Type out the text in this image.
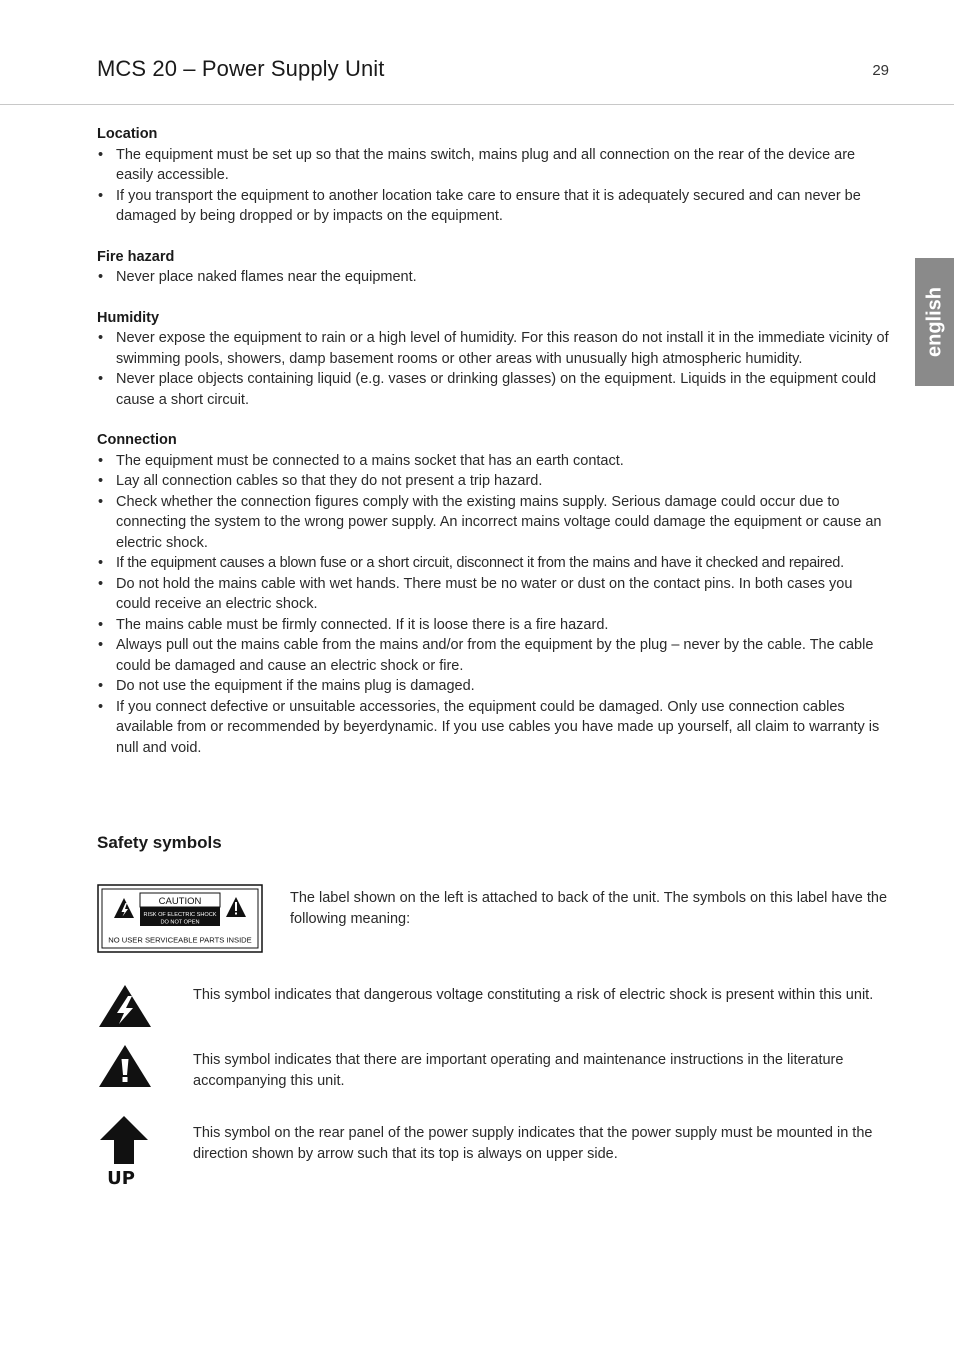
MCS 20 – Power Supply Unit	29
english
Location
• The equipment must be set up so that the mains switch, mains plug and all connection on the rear of the device are easily accessible.
• If you transport the equipment to another location take care to ensure that it is adequately secured and can never be damaged by being dropped or by impacts on the equipment.
Fire hazard
• Never place naked flames near the equipment.
Humidity
• Never expose the equipment to rain or a high level of humidity. For this reason do not install it in the immediate vicinity of swimming pools, showers, damp basement rooms or other areas with unusually high atmospheric humidity.
• Never place objects containing liquid (e.g. vases or drinking glasses) on the equipment. Liquids in the equipment could cause a short circuit.
Connection
• The equipment must be connected to a mains socket that has an earth contact.
• Lay all connection cables so that they do not present a trip hazard.
• Check whether the connection figures comply with the existing mains supply. Serious damage could occur due to connecting the system to the wrong power supply. An incorrect mains voltage could damage the equipment or cause an electric shock.
• If the equipment causes a blown fuse or a short circuit, disconnect it from the mains and have it checked and repaired.
• Do not hold the mains cable with wet hands. There must be no water or dust on the contact pins. In both cases you could receive an electric shock.
• The mains cable must be firmly connected. If it is loose there is a fire hazard.
• Always pull out the mains cable from the mains and/or from the equipment by the plug – never by the cable. The cable could be damaged and cause an electric shock or fire.
• Do not use the equipment if the mains plug is damaged.
• If you connect defective or unsuitable accessories, the equipment could be damaged. Only use connection cables available from or recommended by beyerdynamic. If you use cables you have made up yourself, all claim to warranty is null and void.
Safety symbols
CAUTION
RISK OF ELECTRIC SHOCK
DO NOT OPEN
NO USER SERVICEABLE PARTS INSIDE
The label shown on the left is attached to back of the unit. The symbols on this label have the following meaning:
This symbol indicates that dangerous voltage constituting a risk of electric shock is present within this unit.
This symbol indicates that there are important operating and maintenance instructions in the literature accompanying this unit.
UP
This symbol on the rear panel of the power supply indicates that the power supply must be mounted in the direction shown by arrow such that its top is always on upper side.
